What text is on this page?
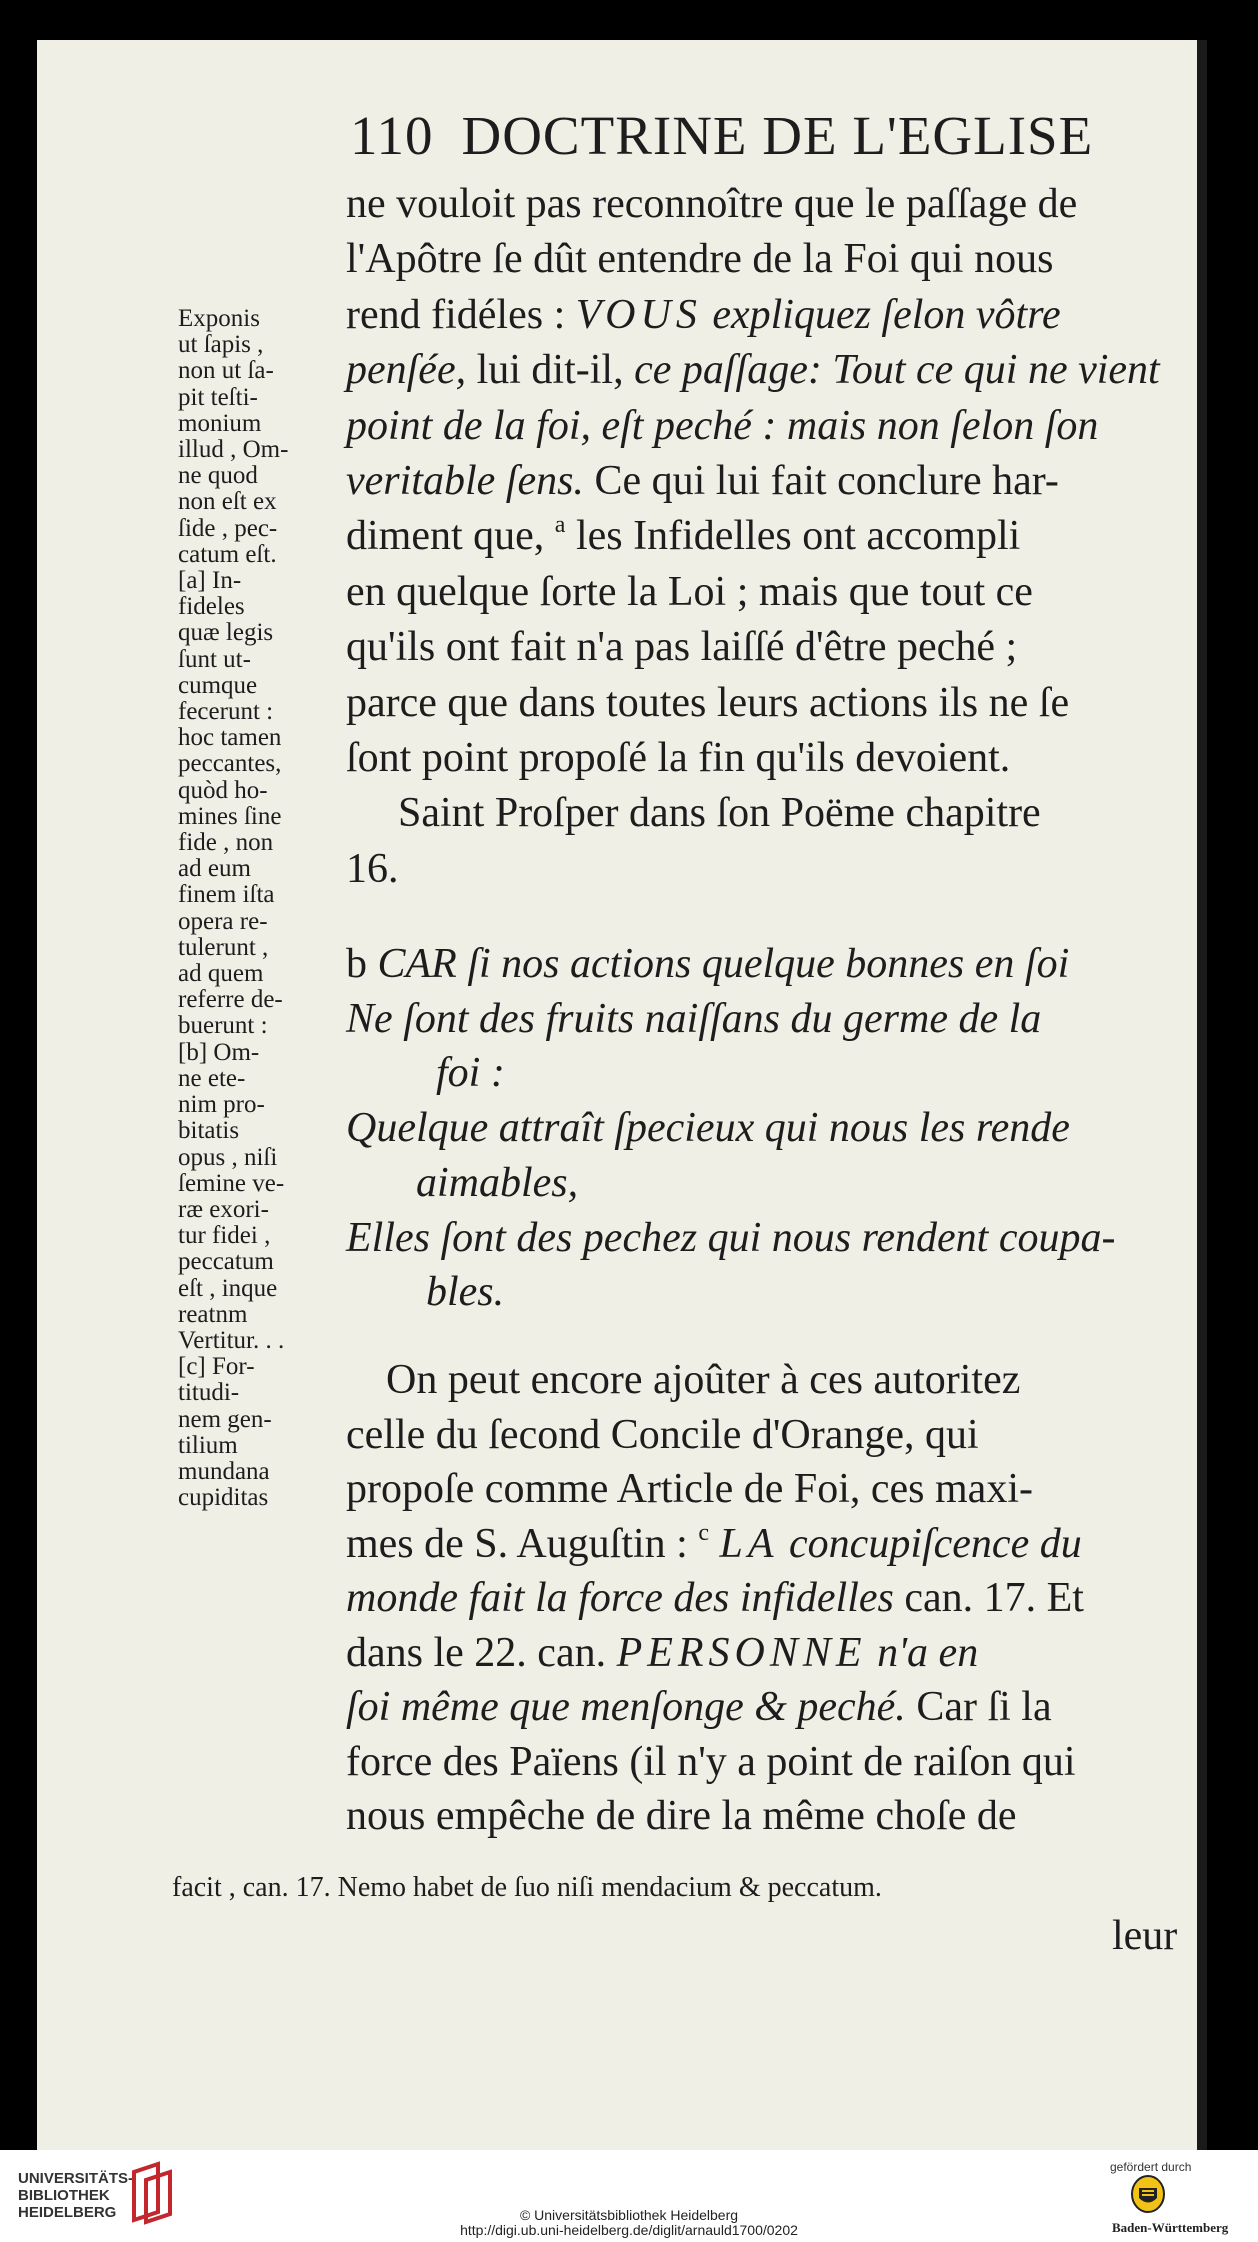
110 DOCTRINE DE L'EGLISE
ne vouloit pas reconnoître que le paſſage de
l'Apôtre ſe dût entendre de la Foi qui nous
rend fidéles : VOUS expliquez ſelon vôtre
penſée, lui dit-il, ce paſſage: Tout ce qui ne vient
point de la foi, eſt peché : mais non ſelon ſon
veritable ſens. Ce qui lui fait conclure har-
diment que, $^a$ les Infidelles ont accompli
en quelque ſorte la Loi ; mais que tout ce
qu'ils ont fait n'a pas laiſſé d'être peché ;
parce que dans toutes leurs actions ils ne ſe
ſont point propoſé la fin qu'ils devoient.
Saint Proſper dans ſon Poëme chapitre
16.
b CAR ſi nos actions quelque bonnes en ſoi
Ne ſont des fruits naiſſans du germe de la
foi :
Quelque attraît ſpecieux qui nous les rende
aimables,
Elles ſont des pechez qui nous rendent coupa-
bles.
On peut encore ajoûter à ces autoritez
celle du ſecond Concile d'Orange, qui
propoſe comme Article de Foi, ces maxi-
mes de S. Auguſtin : $^c$ LA concupiſcence du
monde fait la force des infidelles can. 17. Et
dans le 22. can. PERSONNE n'a en
ſoi même que menſonge & peché. Car ſi la
force des Païens (il n'y a point de raiſon qui
nous empêche de dire la même choſe de
Exponis
ut ſapis ,
non ut ſa-
pit teſti-
monium
illud , Om-
ne quod
non eſt ex
ſide , pec-
catum eſt.
[a] In-
fideles
quæ legis
ſunt ut-
cumque
fecerunt :
hoc tamen
peccantes,
quòd ho-
mines ſine
fide , non
ad eum
finem iſta
opera re-
tulerunt ,
ad quem
referre de-
buerunt :
[b] Om-
ne ete-
nim pro-
bitatis
opus , niſi
ſemine ve-
ræ exori-
tur fidei ,
peccatum
eſt , inque
reatnm
Vertitur. . .
[c] For-
titudi-
nem gen-
tilium
mundana
cupiditas
facit , can. 17. Nemo habet de ſuo niſi mendacium & peccatum.
leur
UNIVERSITÄTS-
BIBLIOTHEK
HEIDELBERG	© Universitätsbibliothek Heidelberg
http://digi.ub.uni-heidelberg.de/diglit/arnauld1700/0202
gefördert durch
Baden-Württemberg
